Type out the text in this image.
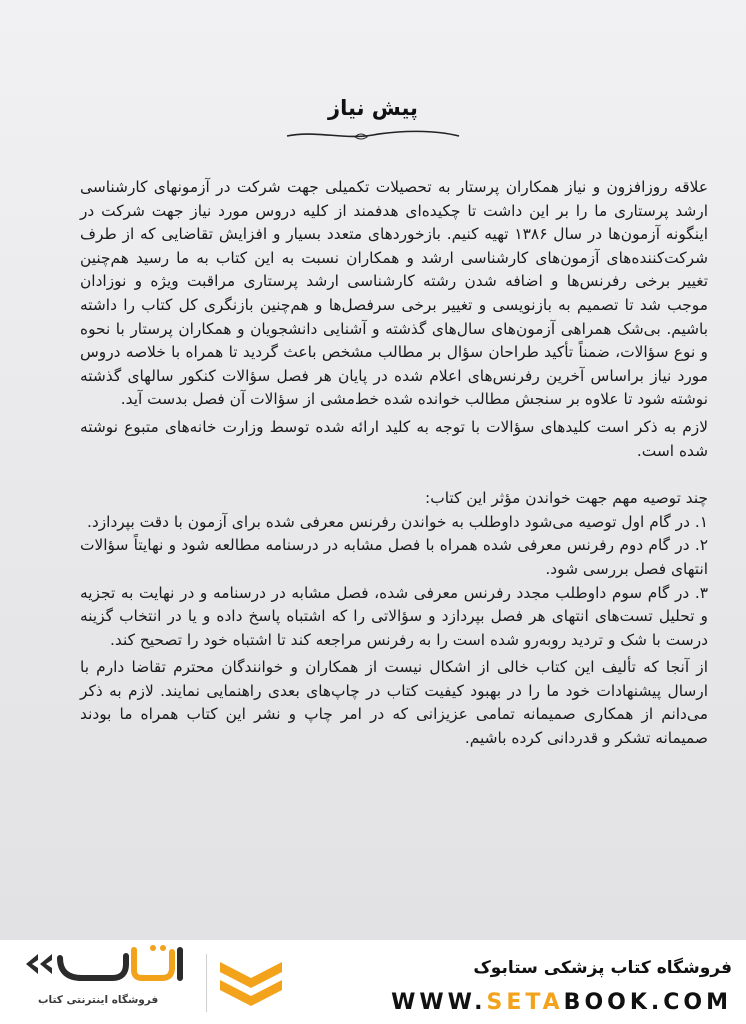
پیش نیاز

علاقه روزافزون و نیاز همکاران پرستار به تحصیلات تکمیلی جهت شرکت در آزمونهای کارشناسی ارشد پرستاری ما را بر این داشت تا چکیده‌ای هدفمند از کلیه دروس مورد نیاز جهت شرکت در اینگونه آزمون‌ها در سال ۱۳۸۶ تهیه کنیم. بازخوردهای متعدد بسیار و افزایش تقاضایی که از طرف شرکت‌کننده‌های آزمون‌های کارشناسی ارشد و همکاران نسبت به این کتاب به ما رسید هم‌چنین تغییر برخی رفرنس‌ها و اضافه شدن رشته کارشناسی ارشد پرستاری مراقبت ویژه و نوزادان موجب شد تا تصمیم به بازنویسی و تغییر برخی سرفصل‌ها و هم‌چنین بازنگری کل کتاب را داشته باشیم. بی‌شک همراهی آزمون‌های سال‌های گذشته و آشنایی دانشجویان و همکاران پرستار با نحوه و نوع سؤالات، ضمناً تأکید طراحان سؤال بر مطالب مشخص باعث گردید تا همراه با خلاصه دروس مورد نیاز براساس آخرین رفرنس‌های اعلام شده در پایان هر فصل سؤالات کنکور سالهای گذشته نوشته شود تا علاوه بر سنجش مطالب خوانده شده خط‌مشی از سؤالات آن فصل بدست آید.

لازم به ذکر است کلیدهای سؤالات با توجه به کلید ارائه شده توسط وزارت خانه‌های متبوع نوشته شده است.

چند توصیه مهم جهت خواندن مؤثر این کتاب:

۱. در گام اول توصیه می‌شود داوطلب به خواندن رفرنس معرفی شده برای آزمون با دقت بپردازد.

۲. در گام دوم رفرنس معرفی شده همراه با فصل مشابه در درسنامه مطالعه شود و نهایتاً سؤالات انتهای فصل بررسی شود.

۳. در گام سوم داوطلب مجدد رفرنس معرفی شده، فصل مشابه در درسنامه و در نهایت به تجزیه و تحلیل تست‌های انتهای هر فصل بپردازد و سؤالاتی را که اشتباه پاسخ داده و یا در انتخاب گزینه درست با شک و تردید روبه‌رو شده است را به رفرنس مراجعه کند تا اشتباه خود را تصحیح کند.

از آنجا که تألیف این کتاب خالی از اشکال نیست از همکاران و خوانندگان محترم تقاضا دارم با ارسال پیشنهادات خود ما را در بهبود کیفیت کتاب در چاپ‌های بعدی راهنمایی نمایند. لازم به ذکر می‌دانم از همکاری صمیمانه تمامی عزیزانی که در امر چاپ و نشر این کتاب همراه ما بودند صمیمانه تشکر و قدردانی کرده باشیم.

فروشگاه اینترنتی کتاب
فروشگاه کتاب پزشکی ستابوک
WWW.SETABOOK.COM
